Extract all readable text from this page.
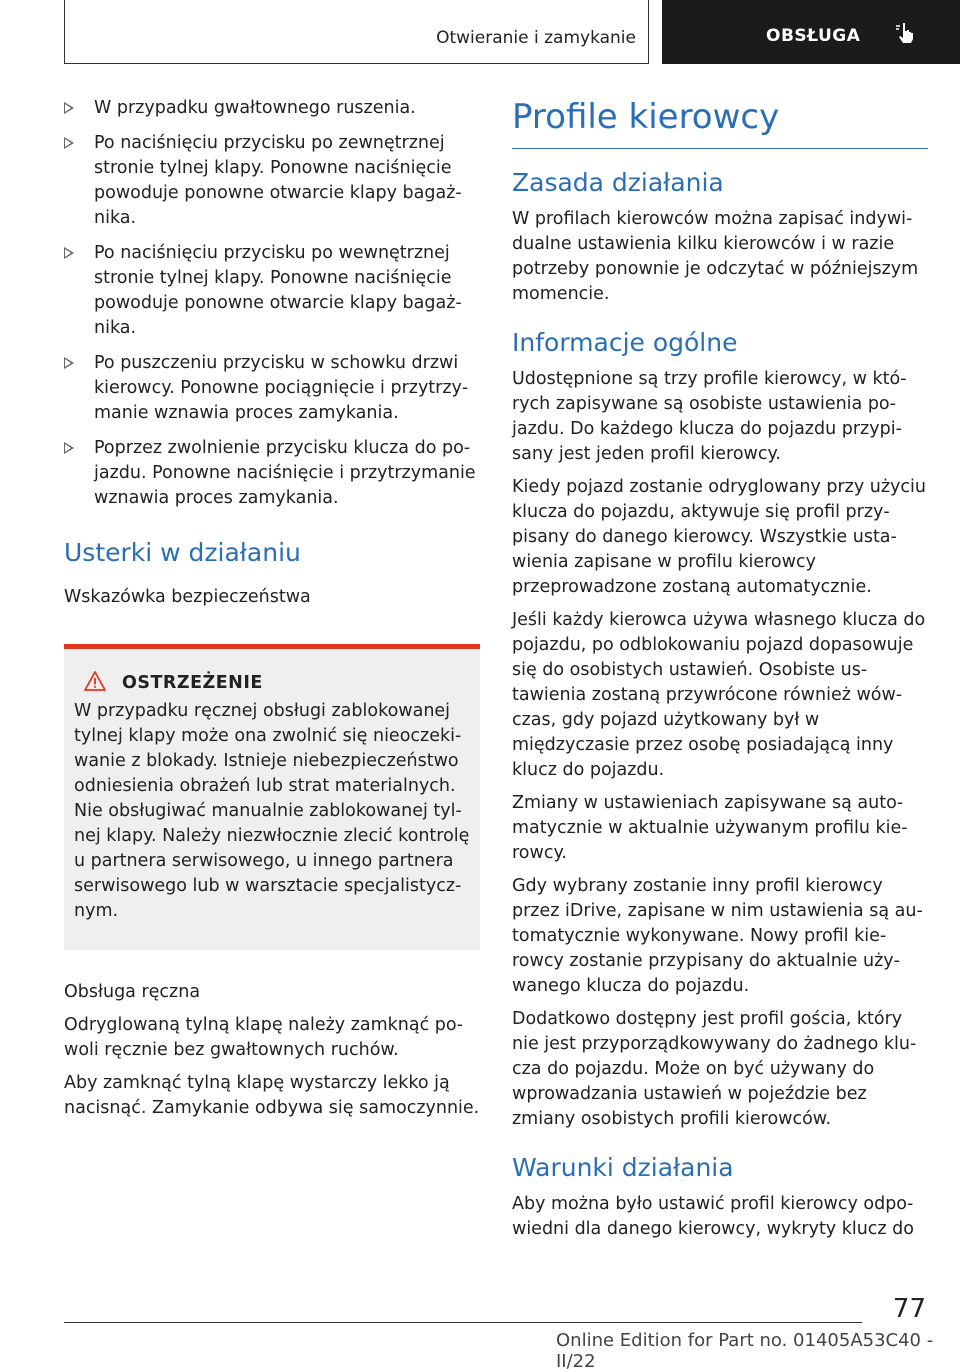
Otwieranie i zamykanie	OBSŁUGA
W przypadku gwałtownego ruszenia.
Po naciśnięciu przycisku po zewnętrznej stronie tylnej klapy. Ponowne naciśnięcie powoduje ponowne otwarcie klapy bagażnika.
Po naciśnięciu przycisku po wewnętrznej stronie tylnej klapy. Ponowne naciśnięcie powoduje ponowne otwarcie klapy bagażnika.
Po puszczeniu przycisku w schowku drzwi kierowcy. Ponowne pociągnięcie i przytrzymanie wznawia proces zamykania.
Poprzez zwolnienie przycisku klucza do pojazdu. Ponowne naciśnięcie i przytrzymanie wznawia proces zamykania.
Usterki w działaniu

Wskazówka bezpieczeństwa

OSTRZEŻENIE

W przypadku ręcznej obsługi zablokowanej tylnej klapy może ona zwolnić się nieoczekiwanie z blokady. Istnieje niebezpieczeństwo odniesienia obrażeń lub strat materialnych. Nie obsługiwać manualnie zablokowanej tylnej klapy. Należy niezwłocznie zlecić kontrolę u partnera serwisowego, u innego partnera serwisowego lub w warsztacie specjalistycznym.

Obsługa ręczna

Odryglowaną tylną klapę należy zamknąć powoli ręcznie bez gwałtownych ruchów.

Aby zamknąć tylną klapę wystarczy lekko ją nacisnąć. Zamykanie odbywa się samoczynnie.

Profile kierowcy
Zasada działania

W profilach kierowców można zapisać indywidualne ustawienia kilku kierowców i w razie potrzeby ponownie je odczytać w późniejszym momencie.

Informacje ogólne

Udostępnione są trzy profile kierowcy, w których zapisywane są osobiste ustawienia pojazdu. Do każdego klucza do pojazdu przypisany jest jeden profil kierowcy.

Kiedy pojazd zostanie odryglowany przy użyciu klucza do pojazdu, aktywuje się profil przypisany do danego kierowcy. Wszystkie ustawienia zapisane w profilu kierowcy przeprowadzone zostaną automatycznie.

Jeśli każdy kierowca używa własnego klucza do pojazdu, po odblokowaniu pojazd dopasowuje się do osobistych ustawień. Osobiste ustawienia zostaną przywrócone również wówczas, gdy pojazd użytkowany był w międzyczasie przez osobę posiadającą inny klucz do pojazdu.

Zmiany w ustawieniach zapisywane są automatycznie w aktualnie używanym profilu kierowcy.

Gdy wybrany zostanie inny profil kierowcy przez iDrive, zapisane w nim ustawienia są automatycznie wykonywane. Nowy profil kierowcy zostanie przypisany do aktualnie używanego klucza do pojazdu.

Dodatkowo dostępny jest profil gościa, który nie jest przyporządkowywany do żadnego klucza do pojazdu. Może on być używany do wprowadzania ustawień w pojeździe bez zmiany osobistych profili kierowców.

Warunki działania

Aby można było ustawić profil kierowcy odpowiedni dla danego kierowcy, wykryty klucz do

77
Online Edition for Part no. 01405A53C40 - II/22
